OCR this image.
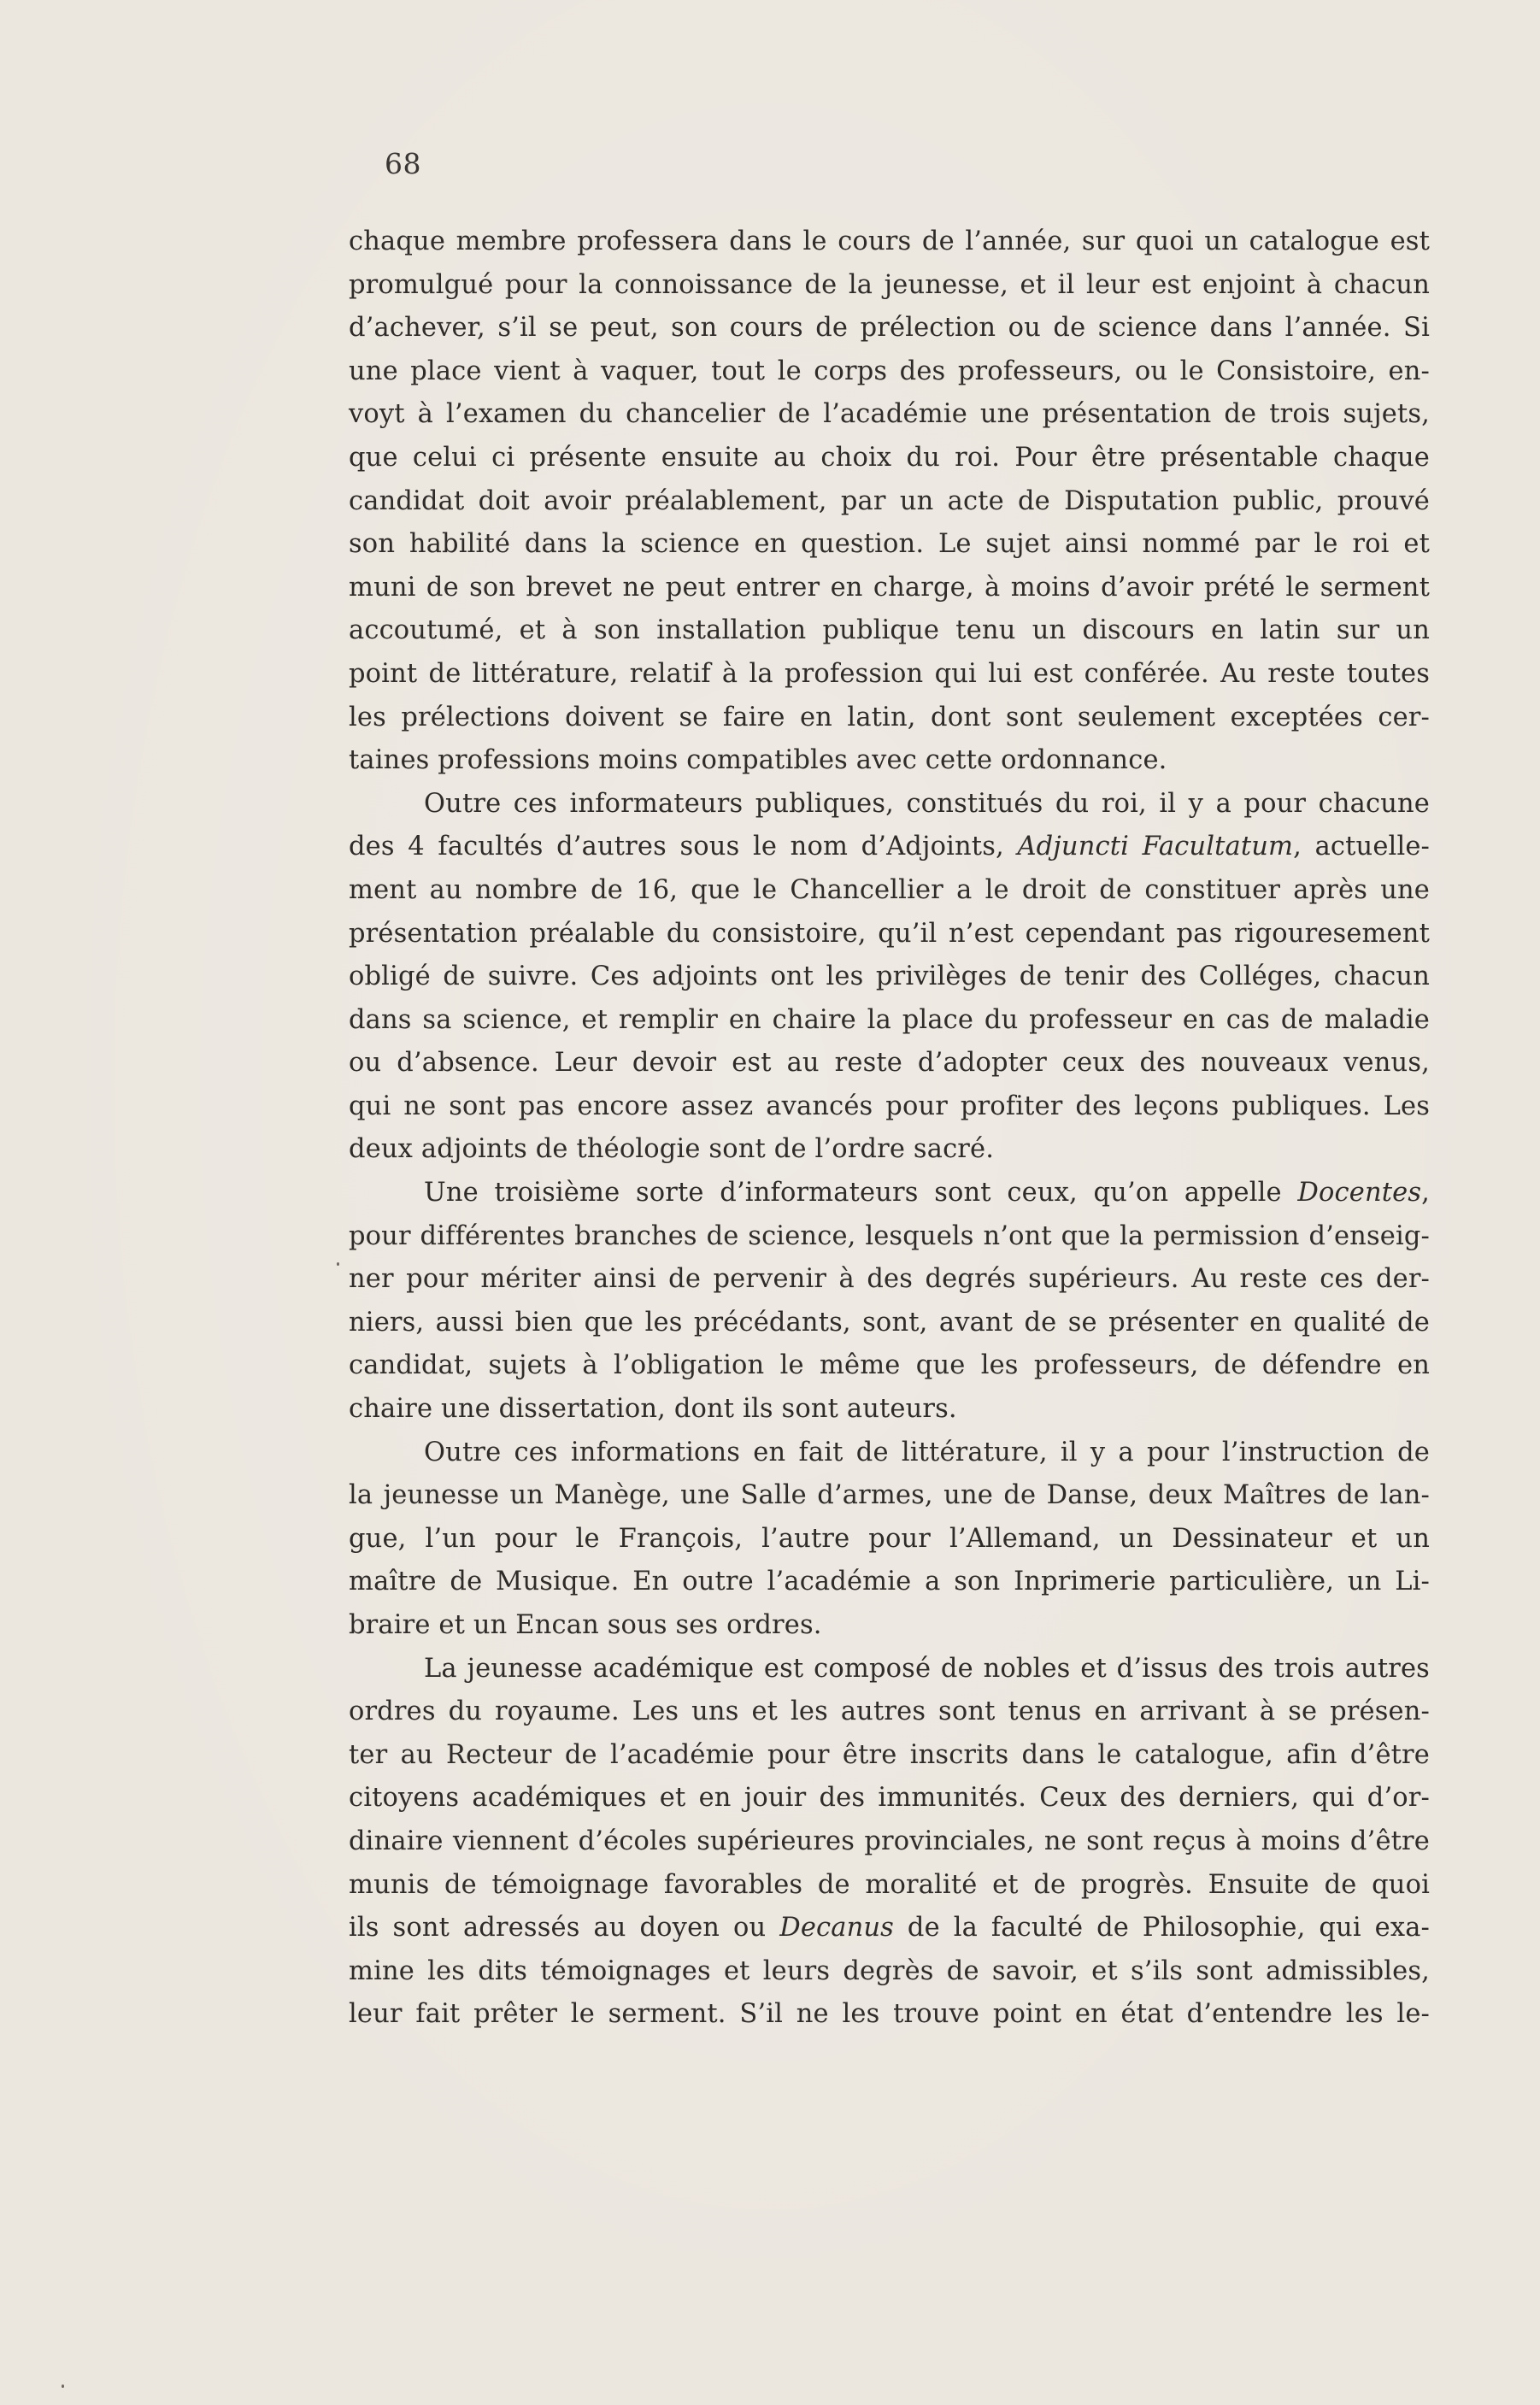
68
chaque membre professera dans le cours de l’année, sur quoi un catalogue est
promulgué pour la connoissance de la jeunesse, et il leur est enjoint à chacun
d’achever, s’il se peut, son cours de prélection ou de science dans l’année. Si
une place vient à vaquer, tout le corps des professeurs, ou le Consistoire, en-
voyt à l’examen du chancelier de l’académie une présentation de trois sujets,
que celui ci présente ensuite au choix du roi. Pour être présentable chaque
candidat doit avoir préalablement, par un acte de Disputation public, prouvé
son habilité dans la science en question. Le sujet ainsi nommé par le roi et
muni de son brevet ne peut entrer en charge, à moins d’avoir prété le serment
accoutumé, et à son installation publique tenu un discours en latin sur un
point de littérature, relatif à la profession qui lui est conférée. Au reste toutes
les prélections doivent se faire en latin, dont sont seulement exceptées cer-
taines professions moins compatibles avec cette ordonnance.
Outre ces informateurs publiques, constitués du roi, il y a pour chacune
des 4 facultés d’autres sous le nom d’Adjoints, Adjuncti Facultatum, actuelle-
ment au nombre de 16, que le Chancellier a le droit de constituer après une
présentation préalable du consistoire, qu’il n’est cependant pas rigouresement
obligé de suivre. Ces adjoints ont les privilèges de tenir des Colléges, chacun
dans sa science, et remplir en chaire la place du professeur en cas de maladie
ou d’absence. Leur devoir est au reste d’adopter ceux des nouveaux venus,
qui ne sont pas encore assez avancés pour profiter des leçons publiques. Les
deux adjoints de théologie sont de l’ordre sacré.
Une troisième sorte d’informateurs sont ceux, qu’on appelle Docentes,
pour différentes branches de science, lesquels n’ont que la permission d’enseig-
ner pour mériter ainsi de pervenir à des degrés supérieurs. Au reste ces der-
niers, aussi bien que les précédants, sont, avant de se présenter en qualité de
candidat, sujets à l’obligation le même que les professeurs, de défendre en
chaire une dissertation, dont ils sont auteurs.
Outre ces informations en fait de littérature, il y a pour l’instruction de
la jeunesse un Manège, une Salle d’armes, une de Danse, deux Maîtres de lan-
gue, l’un pour le François, l’autre pour l’Allemand, un Dessinateur et un
maître de Musique. En outre l’académie a son Inprimerie particulière, un Li-
braire et un Encan sous ses ordres.
La jeunesse académique est composé de nobles et d’issus des trois autres
ordres du royaume. Les uns et les autres sont tenus en arrivant à se présen-
ter au Recteur de l’académie pour être inscrits dans le catalogue, afin d’être
citoyens académiques et en jouir des immunités. Ceux des derniers, qui d’or-
dinaire viennent d’écoles supérieures provinciales, ne sont reçus à moins d’être
munis de témoignage favorables de moralité et de progrès. Ensuite de quoi
ils sont adressés au doyen ou Decanus de la faculté de Philosophie, qui exa-
mine les dits témoignages et leurs degrès de savoir, et s’ils sont admissibles,
leur fait prêter le serment. S’il ne les trouve point en état d’entendre les le-
